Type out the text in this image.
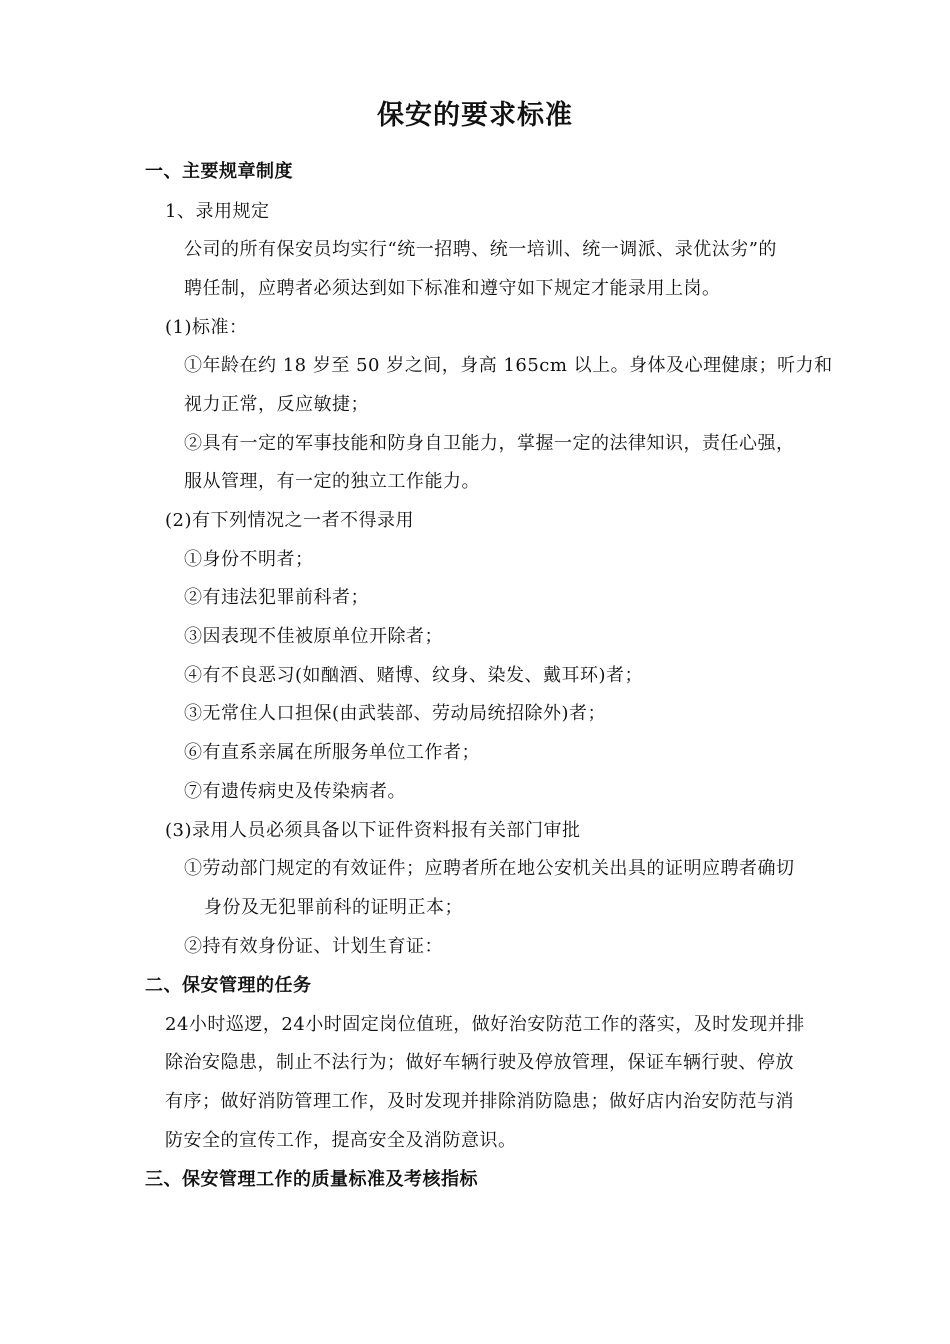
保安的要求标准
一、主要规章制度
1、录用规定
公司的所有保安员均实行“统一招聘、统一培训、统一调派、录优汰劣”的
聘任制，应聘者必须达到如下标准和遵守如下规定才能录用上岗。
(1)标准：
①年龄在约 18 岁至 50 岁之间，身高 165cm 以上。身体及心理健康；听力和
视力正常，反应敏捷；
②具有一定的军事技能和防身自卫能力，掌握一定的法律知识，责任心强，
服从管理，有一定的独立工作能力。
(2)有下列情况之一者不得录用
①身份不明者；
②有违法犯罪前科者；
③因表现不佳被原单位开除者；
④有不良恶习(如酗酒、赌博、纹身、染发、戴耳环)者；
③无常住人口担保(由武装部、劳动局统招除外)者；
⑥有直系亲属在所服务单位工作者；
⑦有遗传病史及传染病者。
(3)录用人员必须具备以下证件资料报有关部门审批
①劳动部门规定的有效证件；应聘者所在地公安机关出具的证明应聘者确切
身份及无犯罪前科的证明正本；
②持有效身份证、计划生育证：
二、保安管理的任务
24小时巡逻，24小时固定岗位值班，做好治安防范工作的落实，及时发现并排
除治安隐患，制止不法行为；做好车辆行驶及停放管理，保证车辆行驶、停放
有序；做好消防管理工作，及时发现并排除消防隐患；做好店内治安防范与消
防安全的宣传工作，提高安全及消防意识。
三、保安管理工作的质量标准及考核指标
